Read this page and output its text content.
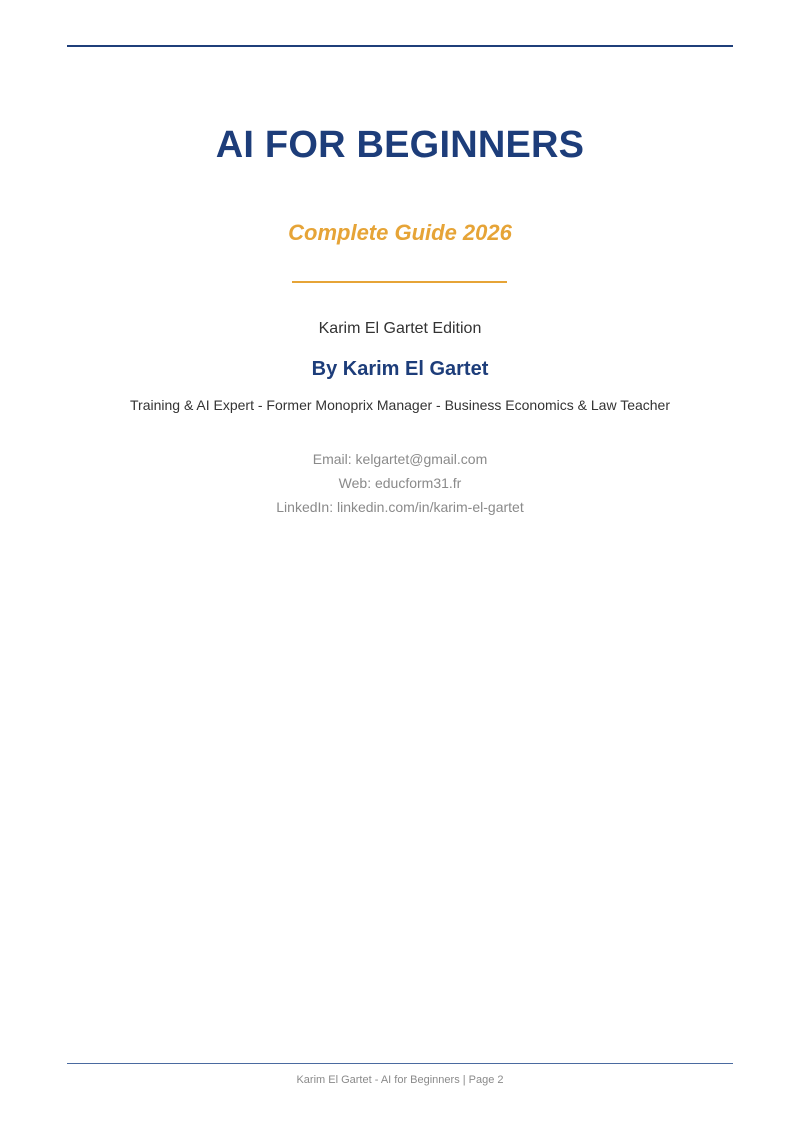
AI FOR BEGINNERS
Complete Guide 2026
Karim El Gartet Edition
By Karim El Gartet
Training & AI Expert - Former Monoprix Manager - Business Economics & Law Teacher
Email: kelgartet@gmail.com
Web: educform31.fr
LinkedIn: linkedin.com/in/karim-el-gartet
Karim El Gartet - AI for Beginners | Page 2
